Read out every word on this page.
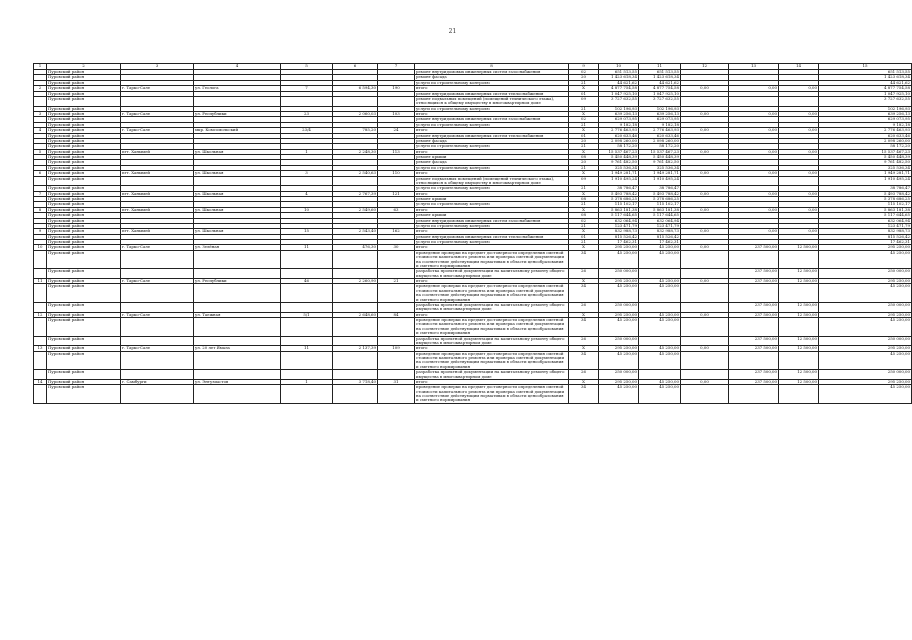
21
1	2	3	4	5	6	7	8	9	10	11	12	13	14	15
	Пуровский район						ремонт внутридомовых инженерных систем газоснабжения	02	651 513,55	651 513,55				651 513,55
	Пуровский район						ремонт фасада	20	1 423 618,34	1 423 618,34				1 423 618,34
	Пуровский район						услуги по строительному контролю	21	44 621,62	44 621,62				44 621,62
2	Пуровский район	г. Тарко-Сале	ул. Геолога	7	6 594,30	190	итого	X	4 877 754,58	4 877 754,58	0,00	0,00	0,00	4 877 754,58
	Пуровский район						ремонт внутридомовых инженерных систем теплоснабжения	01	1 047 925,10	1 047 925,10				1 047 925,10
	Пуровский район						ремонт подвальных помещений (помещений технического этажа), относящихся к общему имуществу в многоквартирном доме	09	3 727 632,55	3 727 632,55				3 727 632,55
	Пуровский район						услуги по строительному контролю	21	102 196,93	102 196,93				102 196,93
3	Пуровский район	г. Тарко-Сале	ул. Республики	23	2 060,03	103	итого	X	639 256,13	639 256,13	0,00	0,00	0,00	639 256,13
	Пуровский район						ремонт внутридомовых инженерных систем газоснабжения	02	629 073,95	629 073,95				629 073,95
	Пуровский район						услуги по строительному контролю	21	9 182,18	9 182,18				9 182,18
4	Пуровский район	г. Тарко-Сале	мкр. Комсомольский	23/4	785,20	24	итого	X	2 776 463,93	2 776 463,93	0,00	0,00	0,00	2 776 463,93
	Пуровский район						ремонт внутридомовых инженерных систем теплоснабжения	01	620 633,46	620 633,46				620 633,46
	Пуровский район						ремонт фасада	20	2 098 260,00	2 098 260,00				2 098 260,00
	Пуровский район						услуги по строительному контролю	21	58 172,20	58 172,20				58 172,20
5	Пуровский район	пгт. Ханымей	ул. Школьная	1	2 248,30	113	итого	X	15 537 467,23	15 537 467,23	0,00	0,00	0,00	15 537 467,23
	Пуровский район						ремонт крыши	08	5 450 448,39	5 450 448,39				5 450 448,39
	Пуровский район						ремонт фасада	20	9 761 482,50	9 761 482,50				9 761 482,50
	Пуровский район						услуги по строительному контролю	21	325 536,34	325 536,34				325 536,34
6	Пуровский район	пгт. Ханымей	ул. Школьная	3	2 540,63	110	итого	X	1 949 281,71	1 949 281,71	0,00	0,00	0,00	1 949 281,71
	Пуровский район						ремонт подвальных помещений (помещений технического этажа), относящихся к общему имуществу в многоквартирном доме	09	1 910 495,24	1 910 495,24				1 910 495,24
	Пуровский район						услуги по строительному контролю	21	38 786,47	38 786,47				38 786,47
7	Пуровский район	пгт. Ханымей	ул. Школьная	4	2 767,39	121	итого	X	5 493 788,42	5 493 788,42	0,00	0,00	0,00	5 493 788,42
	Пуровский район						ремонт крыши	08	5 378 686,25	5 378 686,25				5 378 686,25
	Пуровский район						услуги по строительному контролю	21	115 102,17	115 102,17				115 102,17
8	Пуровский район	пгт. Ханымей	ул. Школьная	10	2 549,60	63	итого	X	5 863 181,38	5 863 181,38	0,00	0,00	0,00	5 863 181,38
	Пуровский район						ремонт крыши	08	5 117 644,65	5 117 644,65				5 117 644,65
	Пуровский район						ремонт внутридомовых инженерных систем газоснабжения	02	632 064,94	632 064,94				632 064,94
	Пуровский район						услуги по строительному контролю	21	123 471,79	123 471,79				123 471,79
9	Пуровский район	пгт. Ханымей	ул. Школьная	15	2 543,40	162	итого	X	832 988,73	832 988,73	0,00	0,00	0,00	832 988,73
	Пуровский район						ремонт внутридомовых инженерных систем теплоснабжения	01	815 526,42	815 526,42				815 526,42
	Пуровский район						услуги по строительному контролю	21	17 462,31	17 462,31				17 462,31
10	Пуровский район	г. Тарко-Сале	ул. Зелёная	11	476,30	30	итого	X	295 250,00	45 250,00	0,00	237 500,00	12 500,00	295 250,00
	Пуровский район						проведение проверки на предмет достоверности определения сметной стоимости капитального ремонта или проверка сметной документации на соответствие действующим нормативам в области ценообразования и сметного нормирования	34	45 250,00	45 250,00				45 250,00
	Пуровский район						разработка проектной документации на капитальному ремонту общего имущества в многоквартирном доме	26	250 000,00			237 500,00	12 500,00	250 000,00
11	Пуровский район	г. Тарко-Сале	ул. Республики	46	2 260,90	21	итого	X	295 250,00	45 250,00	0,00	237 500,00	12 500,00	295 250,00
	Пуровский район						проведение проверки на предмет достоверности определения сметной стоимости капитального ремонта или проверка сметной документации на соответствие действующим нормативам в области ценообразования и сметного нормирования	34	45 250,00	45 250,00				45 250,00
	Пуровский район						разработка проектной документации на капитальному ремонту общего имущества в многоквартирном доме	26	250 000,00			237 500,00	12 500,00	250 000,00
12	Пуровский район	г. Тарко-Сале	ул. Таежная	5/1	2 648,60	84	итого	X	295 250,00	45 250,00	0,00	237 500,00	12 500,00	295 250,00
	Пуровский район						проведение проверки на предмет достоверности определения сметной стоимости капитального ремонта или проверка сметной документации на соответствие действующим нормативам в области ценообразования и сметного нормирования	34	45 250,00	45 250,00				45 250,00
	Пуровский район						разработка проектной документации на капитальному ремонту общего имущества в многоквартирном доме	26	250 000,00			237 500,00	12 500,00	250 000,00
13	Пуровский район	г. Тарко-Сале	ул. 20 лет Ямала	11	2 137,39	109	итого	X	295 250,00	45 250,00	0,00	237 500,00	12 500,00	295 250,00
	Пуровский район						проведение проверки на предмет достоверности определения сметной стоимости капитального ремонта или проверка сметной документации на соответствие действующим нормативам в области ценообразования и сметного нормирования	34	45 250,00	45 250,00				45 250,00
	Пуровский район						разработка проектной документации на капитальному ремонту общего имущества в многоквартирном доме	26	250 000,00			237 500,00	12 500,00	250 000,00
14	Пуровский район	г. Самбурги	ул. Энтузиастов	1	3 718,40	31	итого	X	295 250,00	45 250,00	0,00	237 500,00	12 500,00	295 250,00
	Пуровский район						проведение проверки на предмет достоверности определения сметной стоимости капитального ремонта или проверка сметной документации на соответствие действующим нормативам в области ценообразования и сметного нормирования	34	45 250,00	45 250,00				45 250,00
